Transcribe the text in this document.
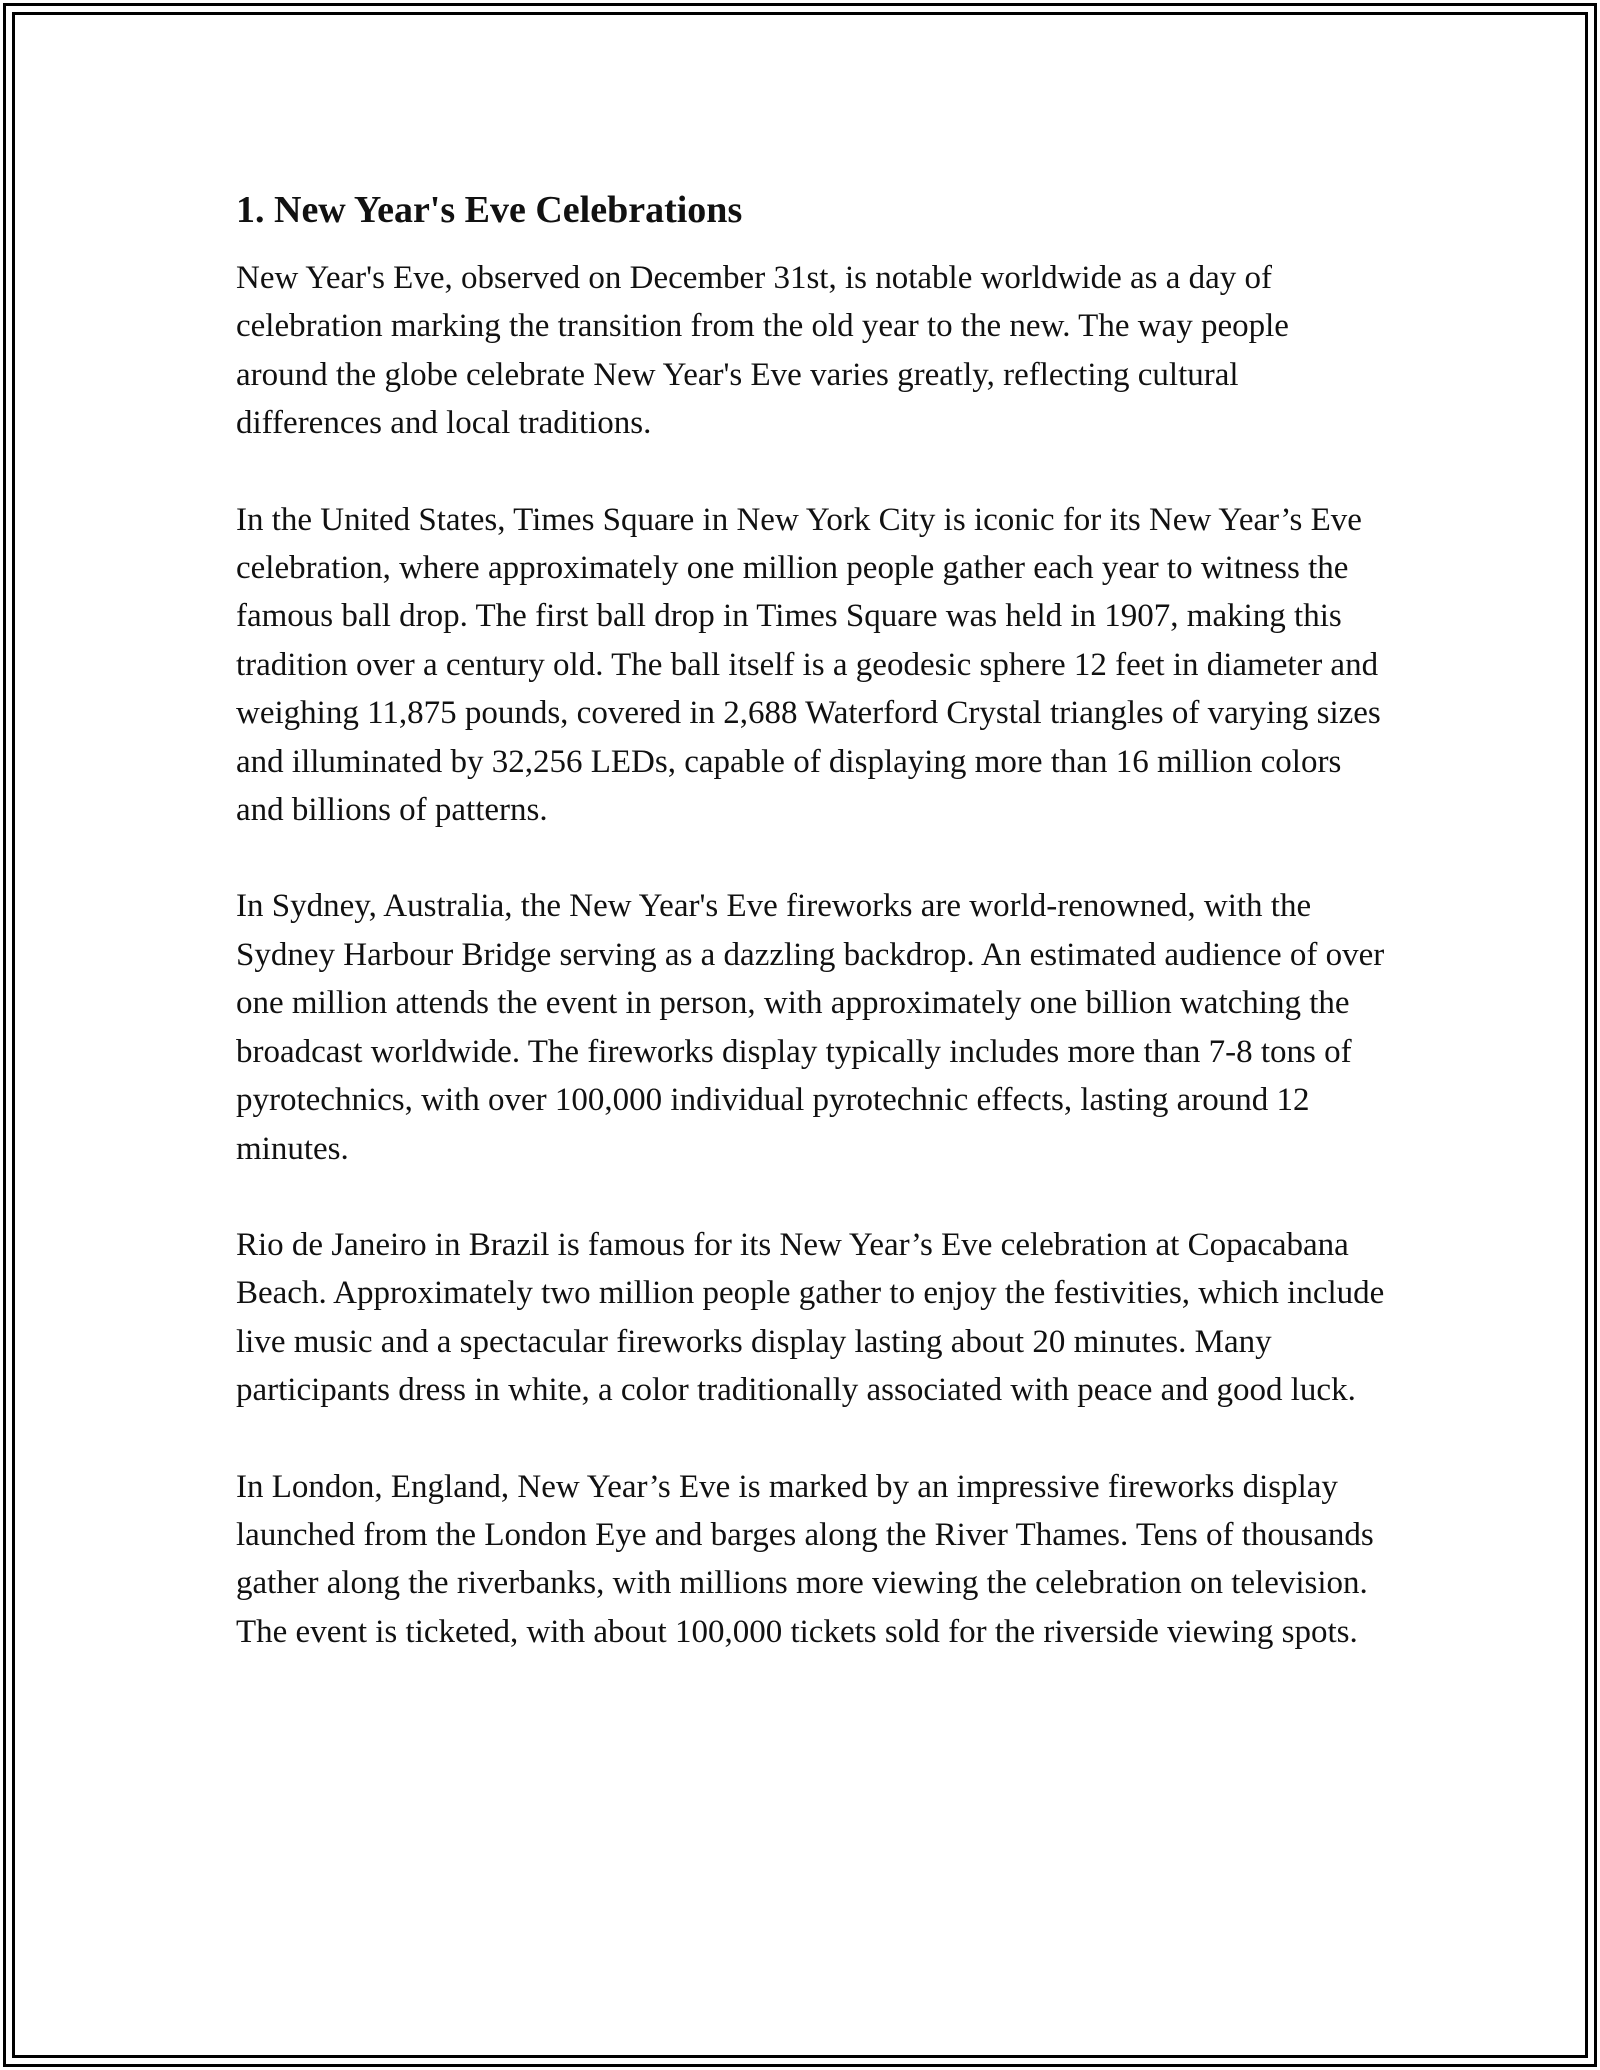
1. New Year's Eve Celebrations

New Year's Eve, observed on December 31st, is notable worldwide as a day of celebration marking the transition from the old year to the new. The way people around the globe celebrate New Year's Eve varies greatly, reflecting cultural differences and local traditions.

In the United States, Times Square in New York City is iconic for its New Year’s Eve celebration, where approximately one million people gather each year to witness the famous ball drop. The first ball drop in Times Square was held in 1907, making this tradition over a century old. The ball itself is a geodesic sphere 12 feet in diameter and weighing 11,875 pounds, covered in 2,688 Waterford Crystal triangles of varying sizes and illuminated by 32,256 LEDs, capable of displaying more than 16 million colors and billions of patterns.

In Sydney, Australia, the New Year's Eve fireworks are world-renowned, with the Sydney Harbour Bridge serving as a dazzling backdrop. An estimated audience of over one million attends the event in person, with approximately one billion watching the broadcast worldwide. The fireworks display typically includes more than 7-8 tons of pyrotechnics, with over 100,000 individual pyrotechnic effects, lasting around 12 minutes.

Rio de Janeiro in Brazil is famous for its New Year’s Eve celebration at Copacabana Beach. Approximately two million people gather to enjoy the festivities, which include live music and a spectacular fireworks display lasting about 20 minutes. Many participants dress in white, a color traditionally associated with peace and good luck.

In London, England, New Year’s Eve is marked by an impressive fireworks display launched from the London Eye and barges along the River Thames. Tens of thousands gather along the riverbanks, with millions more viewing the celebration on television. The event is ticketed, with about 100,000 tickets sold for the riverside viewing spots.
